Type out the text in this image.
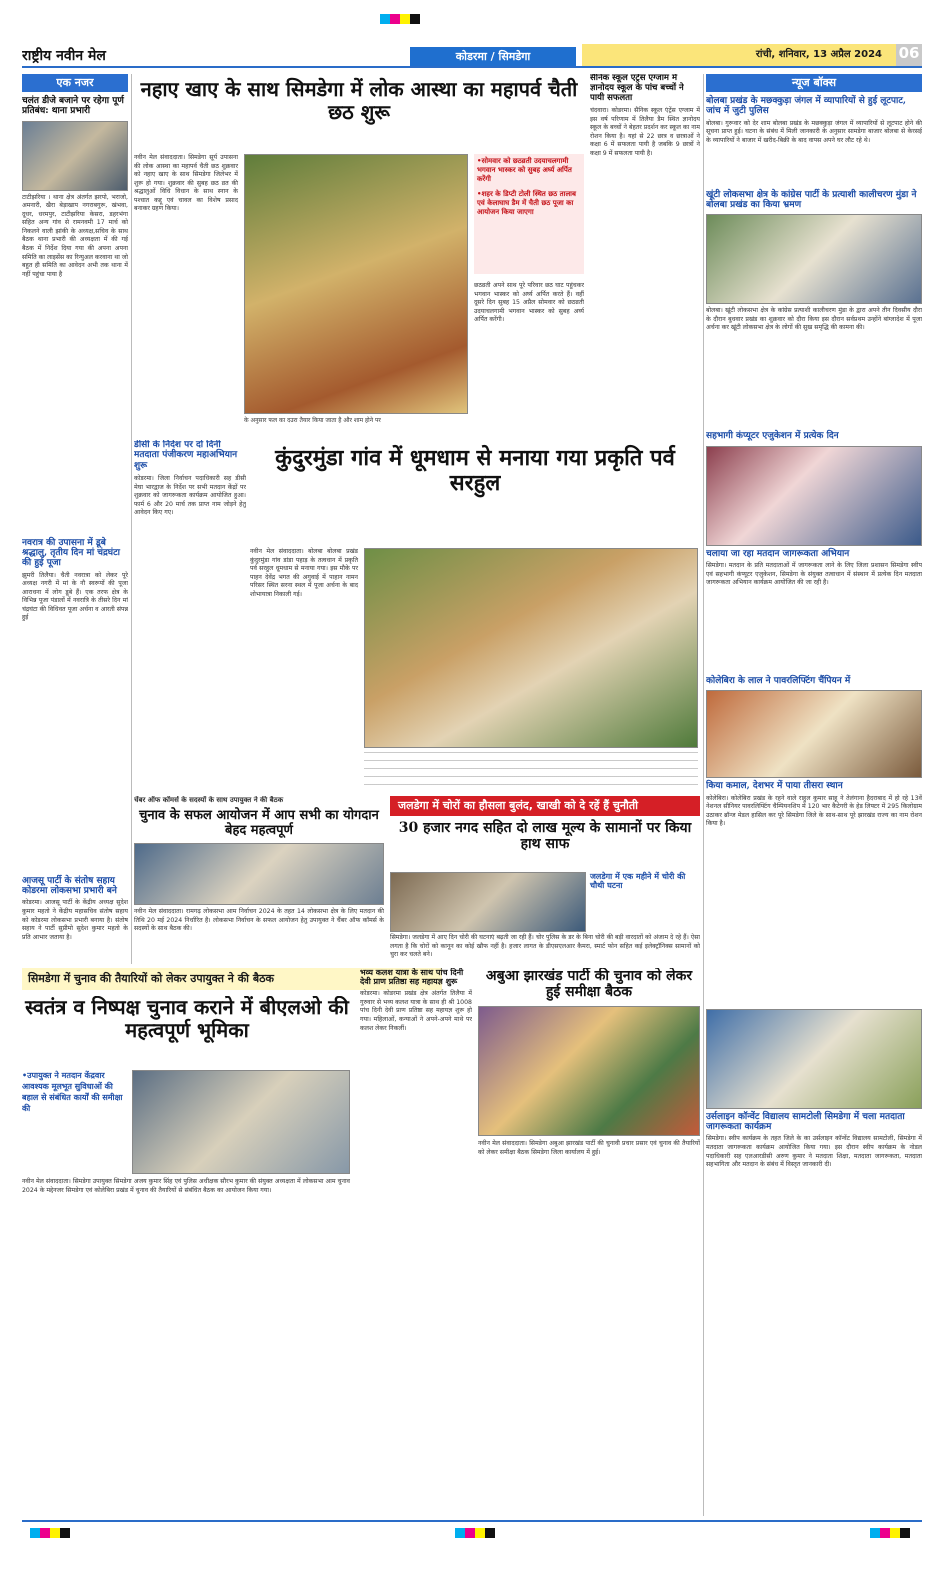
राष्ट्रीय नवीन मेल	कोडरमा / सिमडेगा	रांची, शनिवार, 13 अप्रैल 2024	06
एक नजर
चलंत डीजे बजाने पर रहेगा पूर्ण प्रतिबंध: थाना प्रभारी
टाटीझरिया । थाना क्षेत्र अंतर्गत झरपो, भराजो, अमनारी, खैरा बेड़ाखाप नगराबगुरू, खंभवा, दूधर, धरमपुर, टाटीझरिया केसरा, डहरभंगा सहित अन्य गांव से रामनवमी 17 मार्च को निकलने वाली झांकी के अध्यक्ष,सचिव के साथ बैठक थाना प्रभारी की अध्यक्षता में की गई बैठक में निर्देश दिया गया की अपना अपना समिति का लाइसेंस का रिन्युअल करवाना था जो बहुत ही समिति का आवेदन अभी तक थाना में नहीं पहुंचा पाया है
नवरात्र की उपासना में डूबे श्रद्धालु, तृतीय दिन मां चंद्रघंटा की हुई पूजा
झुमरी तिलैया। चैती नवरात्रा को लेकर पूरे अध्यक्ष नगरी में मां के नौ स्वरूपों की पूजा आराधना में लोग डूबे हैं। एक तरफ क्षेत्र के विभिन्न पूजा पंडालों में नवरात्रि के तीसरे दिन मां चंद्रघंटा की विधिवत पूजा अर्चना व आरती संपन्न हुई
आजसू पार्टी के संतोष सहाय कोडरमा लोकसभा प्रभारी बने
कोडरमा। आजसू पार्टी के केंद्रीय अध्यक्ष सुदेश कुमार महतो ने केंद्रीय महासचिव संतोष सहाय को कोडरमा लोकसभा प्रभारी बनाया है। संतोष सहाय ने पार्टी सुप्रीमो सुदेश कुमार महतो के प्रति आभार जताया है।
नहाए खाए के साथ सिमडेगा में लोक आस्था का महापर्व चैती छठ शुरू
नवीन मेल संवाददाता। सिमडेगा सूर्य उपासना की लोक आस्था का महापर्व चैती छठ शुक्रवार को नहाए खाए के साथ सिमडेगा जिलेभर में शुरू हो गया। शुक्रवार की सुबह छठ व्रत की श्रद्धालुओं विधि विधान के साथ स्नान के पश्चात कद्दू एवं चावल का विशेष प्रसाद बनाकर ग्रहण किया।
के अनुसार फल का दउरा तैयार किया जाता है और शाम होने पर
•सोमवार को छठव्रती उदयाचलगामी भगवान भास्कर को सुबह अर्घ्य अर्पित करेंगी
•शहर के डिप्टी टोली स्थित छठ तालाब एवं केलाघाघ डैम में चैती छठ पूजा का आयोजन किया जाएगा
छठव्रती अपने साथ पूरे परिवार छठ घाट पहुंचकर भगवान भास्कर को अर्घ्य अर्पित करते हैं। वहीं दूसरे दिन सुबह 15 अप्रैल सोमवार को छठव्रती उदयाचलगामी भगवान भास्कर को सुबह अर्घ्य अर्पित करेंगी।
सैनिक स्कूल एंट्रेंस एग्जाम में ज्ञानोदय स्कूल के पांच बच्चों ने पायी सफलता
चंदवारा। कोडरमा। सैनिक स्कूल एंट्रेंस एग्जाम में इस वर्ष परिणाम में तिलैया डैम स्थित ज्ञानोदय स्कूल के बच्चों ने बेहतर प्रदर्शन कर स्कूल का नाम रोशन किया है। यहां से 22 छात्र व छात्राओं ने कक्षा 6 में सफलता पायी है जबकि 9 छात्रों ने कक्षा 9 में सफलता पायी है।
डीसी के निर्देश पर दो दिनी मतदाता पंजीकरण महाअभियान शुरू
कोडरमा। जिला निर्वाचन पदाधिकारी सह डीसी मेघा भारद्वाज के निर्देश पर सभी मतदान केंद्रों पर शुक्रवार को जागरूकता कार्यक्रम आयोजित हुआ। फार्म 6 और 20 मार्च तक प्राप्त नाम जोड़ने हेतु आवेदन किए गए।
कुंदुरमुंडा गांव में धूमधाम से मनाया गया प्रकृति पर्व सरहुल
नवीन मेल संवाददाता। बोलबा बोलबा प्रखंड कुंदुरमुंडा गांव डांडा पहाड़ के तत्वधान में प्रकृति पर्व सरहुल धूमधाम से मनाया गया। इस मौके पर पाहन देवेंद्र भगत की अगुवाई में पाहान नामन परिसर स्थित सरना स्थल में पूजा अर्चना के बाद शोभायात्रा निकाली गई।
चेंबर ऑफ कॉमर्स के सदस्यों के साथ उपायुक्त ने की बैठक
चुनाव के सफल आयोजन में आप सभी का योगदान बेहद महत्वपूर्ण
नवीन मेल संवाददाता। रामगढ़ लोकसभा आम निर्वाचन 2024 के तहत 14 लोकसभा क्षेत्र के लिए मतदान की तिथि 20 मई 2024 निर्धारित है। लोकसभा निर्वाचन के सफल आयोजन हेतु उपायुक्त ने चैंबर ऑफ कॉमर्स के सदस्यों के साथ बैठक की।
जलडेगा में चोरों का हौसला बुलंद, खाखी को दे रहें हैं चुनौती
30 हजार नगद सहित दो लाख मूल्य के सामानों पर किया हाथ साफ
जलडेगा में एक महीने में चोरी की चौथी घटना
सिमडेगा। जलडेगा में आए दिन चोरी की घटनाएं बढ़ती जा रही हैं। चोर पुलिस के डर के बिना चोरी की बड़ी वारदातों को अंजाम दे रहे हैं। ऐसा लगता है कि चोरों को कानून का कोई खौफ नहीं है। हजार लागत के डीएसएलआर कैमरा, स्मार्ट फोन सहित कई इलेक्ट्रॉनिक्स सामानों को चुरा कर चलते बने।
सिमडेगा में चुनाव की तैयारियों को लेकर उपायुक्त ने की बैठक
स्वतंत्र व निष्पक्ष चुनाव कराने में बीएलओ की महत्वपूर्ण भूमिका
•उपायुक्त ने मतदान केंद्रवार आवश्यक मूलभूत सुविधाओं की बहाल से संबंधित कार्यों की समीक्षा की
नवीन मेल संवाददाता। सिमडेगा उपायुक्त सिमडेगा अजय कुमार सिंह एवं पुलिस अधीक्षक सौरभ कुमार की संयुक्त अध्यक्षता में लोकसभा आम चुनाव 2024 के मद्देनजर सिमडेगा एवं कोलेबिरा प्रखंड में चुनाव की तैयारियों से संबंधित बैठक का आयोजन किया गया।
भव्य कलश यात्रा के साथ पांच दिनी देवी प्राण प्रतिष्ठा सह महायज्ञ शुरू
कोडरमा। कोडरमा प्रखंड क्षेत्र अंतर्गत तिलैया में गुरुवार से भव्य कलश यात्रा के साथ ही श्री 1008 पांच दिनी देवी प्राण प्रतिष्ठा सह महायज्ञ शुरू हो गया। महिलाओं, कन्याओं ने अपने-अपने माथे पर कलश लेकर निकलीं।
अबुआ झारखंड पार्टी की चुनाव को लेकर हुई समीक्षा बैठक
नवीन मेल संवाददाता। सिमडेगा अबुआ झारखंड पार्टी की चुनावी प्रचार प्रसार एवं चुनाव की तैयारियों को लेकर समीक्षा बैठक सिमडेगा जिला कार्यालय में हुई।
न्यूज बॉक्स
बोलबा प्रखंड के मछक्कुड़ा जंगल में व्यापारियों से हुई लूटपाट, जांच में जुटी पुलिस
बोलबा। गुरूवार को देर शाम बोलबा प्रखंड के मछक्कुड़ा जंगल में व्यापारियों से लूटपाट होने की सूचना प्राप्त हुई। घटना के संबंध में मिली जानकारी के अनुसार सामडेगा बाजार बोलबा से केरसई के व्यापारियों ने बाजार में खरीद-बिक्री के बाद वापस अपने घर लौट रहे थे।
खूंटी लोकसभा क्षेत्र के कांग्रेस पार्टी के प्रत्याशी कालीचरण मुंडा ने बोलबा प्रखंड का किया भ्रमण
बोलबा। खूंटी लोकसभा क्षेत्र के कांग्रेस प्रत्याशी कालीचरण मुंडा के द्वारा अपने तीन दिवसीय दौरा के दौरान बुधवार प्रखंड का शुक्रवार को दौरा किया इस दौरान सर्वप्रथम उन्होंने बांग्लादेश में पूजा अर्चना कर खूंटी लोकसभा क्षेत्र के लोगों की सुख समृद्धि की कामना की।
सहभागी कंप्यूटर एजुकेशन में प्रत्येक दिन
चलाया जा रहा मतदान जागरूकता अभियान
सिमडेगा। मतदान के प्रति मतदाताओं में जागरूकता लाने के लिए जिला प्रशासन सिमडेगा स्वीप एवं सहभागी कंप्यूटर एजुकेशन, सिमडेगा के संयुक्त तत्वाधान में संस्थान में प्रत्येक दिन मतदाता जागरूकता अभियान कार्यक्रम आयोजित की जा रही है।
कोलेबिरा के लाल ने पावरलिफ्टिंग चैंपियन में
किया कमाल, देशभर में पाया तीसरा स्थान
कोलेबिरा। कोलेबिरा प्रखंड के रहने वाले राहुल कुमार साहू ने तेलंगाना हैदराबाद में हो रहे 13वें नेशनल सीनियर पावरलिफ्टिंग चैम्पियनशिप में 120 भार कैटेगरी के हेड लिफ्टर में 295 किलोग्राम उठाकर ब्रॉन्ज मेडल हासिल कर पूरे सिमडेगा जिले के साथ-साथ पूरे झारखंड राज्य का नाम रोशन किया है।
उर्सलाइन कॉन्वेंट विद्यालय सामटोली सिमडेगा में चला मतदाता जागरूकता कार्यक्रम
सिमडेगा। स्वीप कार्यक्रम के तहत जिले के का उर्सलाइन कॉन्वेंट विद्यालय सामटोली, सिमडेगा में मतदाता जागरूकता कार्यक्रम आयोजित किया गया। इस दौरान स्वीप कार्यक्रम के नोडल पदाधिकारी सह एलआरडीसी अरुण कुमार ने मतदाता शिक्षा, मतदाता जागरूकता, मतदाता सहभागिता और मतदान के संबंध में विस्तृत जानकारी दी।
